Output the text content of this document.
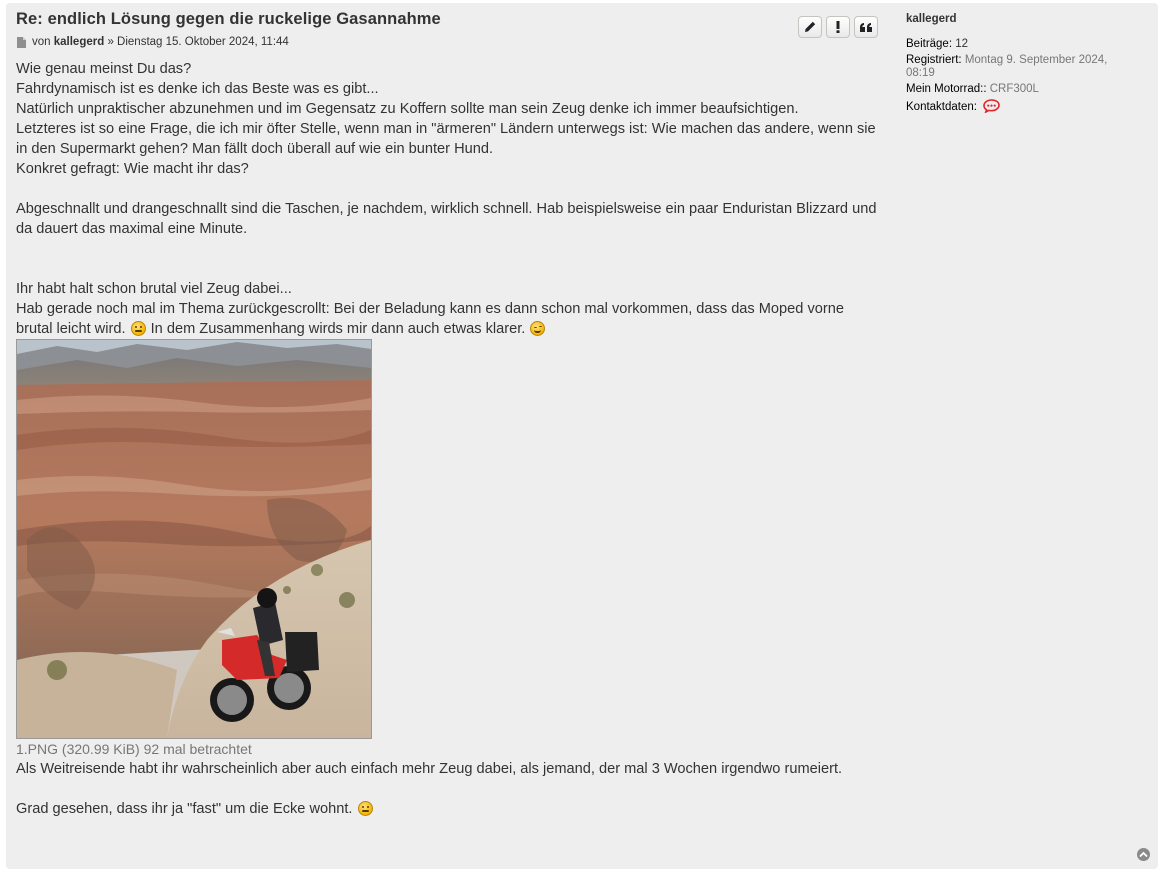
Re: endlich Lösung gegen die ruckelige Gasannahme
von
kallegerd
» Dienstag 15. Oktober 2024, 11:44

Wie genau meinst Du das?

Fahrdynamisch ist es denke ich das Beste was es gibt...

Natürlich unpraktischer abzunehmen und im Gegensatz zu Koffern sollte man sein Zeug denke ich immer beaufsichtigen.

Letzteres ist so eine Frage, die ich mir öfter Stelle, wenn man in "ärmeren" Ländern unterwegs ist: Wie machen das andere, wenn sie in den Supermarkt gehen? Man fällt doch überall auf wie ein bunter Hund.

Konkret gefragt: Wie macht ihr das?

Abgeschnallt und drangeschnallt sind die Taschen, je nachdem, wirklich schnell. Hab beispielsweise ein paar Enduristan Blizzard und da dauert das maximal eine Minute.

Ihr habt halt schon brutal viel Zeug dabei...

Hab gerade noch mal im Thema zurückgescrollt: Bei der Beladung kann es dann schon mal vorkommen, dass das Moped vorne brutal leicht wird. In dem Zusammenhang wirds mir dann auch etwas klarer.

1.PNG (320.99 KiB) 92 mal betrachtet

Als Weitreisende habt ihr wahrscheinlich aber auch einfach mehr Zeug dabei, als jemand, der mal 3 Wochen irgendwo rumeiert.

Grad gesehen, dass ihr ja "fast" um die Ecke wohnt.

kallegerd
Beiträge: 12
Registriert: Montag 9. September 2024, 08:19
Mein Motorrad:: CRF300L
Kontaktdaten:
